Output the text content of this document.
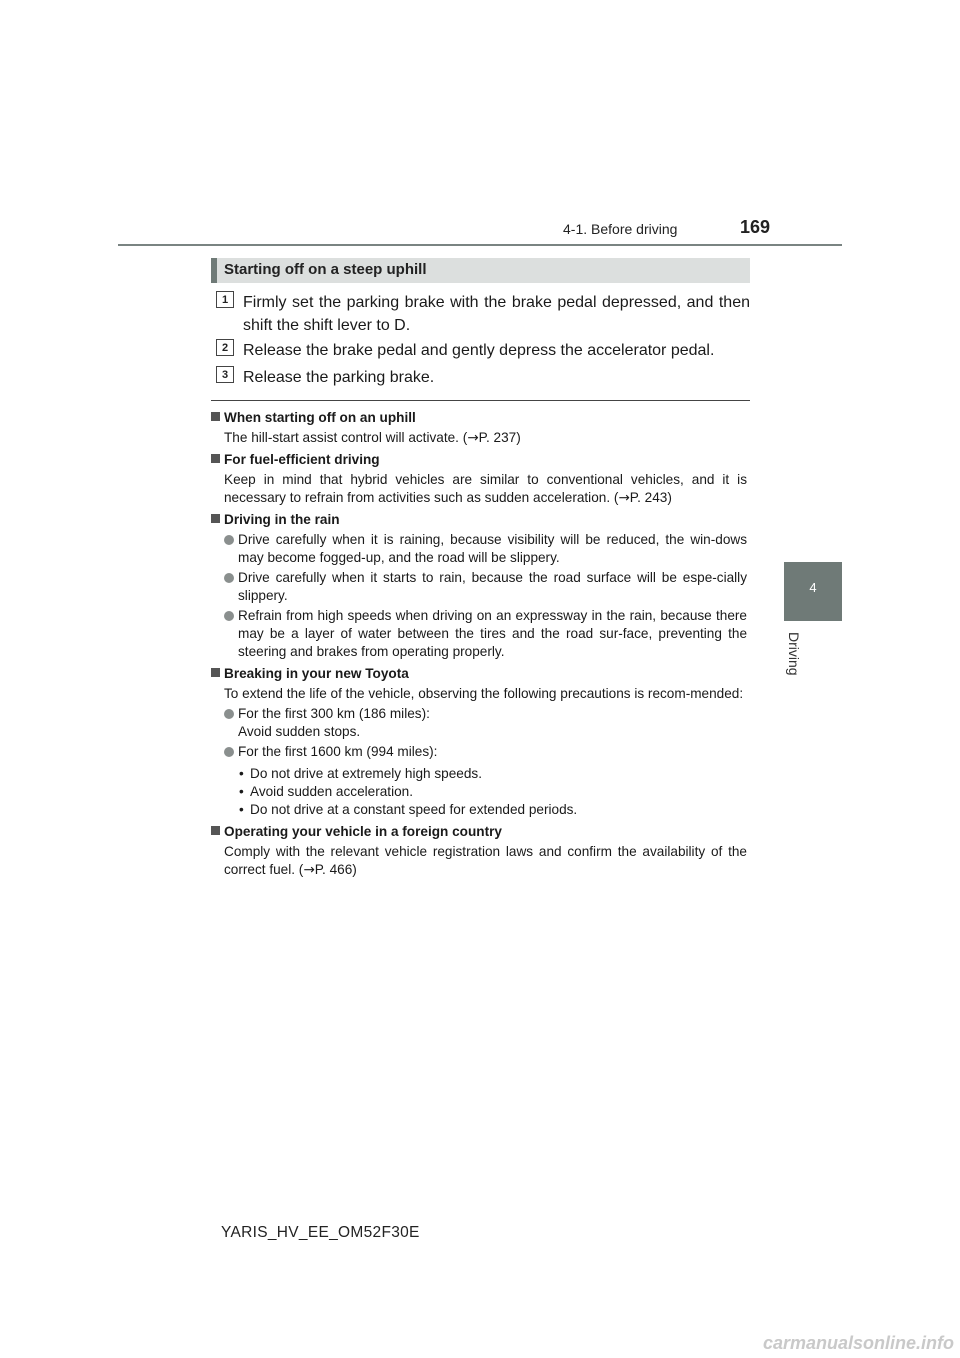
4-1. Before driving	169
4
Driving
Starting off on a steep uphill
1 Firmly set the parking brake with the brake pedal depressed, and then shift the shift lever to D.
2 Release the brake pedal and gently depress the accelerator pedal.
3 Release the parking brake.
When starting off on an uphill
The hill-start assist control will activate. (→P. 237)
For fuel-efficient driving
Keep in mind that hybrid vehicles are similar to conventional vehicles, and it is necessary to refrain from activities such as sudden acceleration. (→P. 243)
Driving in the rain
Drive carefully when it is raining, because visibility will be reduced, the win-dows may become fogged-up, and the road will be slippery.
Drive carefully when it starts to rain, because the road surface will be espe-cially slippery.
Refrain from high speeds when driving on an expressway in the rain, because there may be a layer of water between the tires and the road sur-face, preventing the steering and brakes from operating properly.
Breaking in your new Toyota
To extend the life of the vehicle, observing the following precautions is recom-mended:
For the first 300 km (186 miles):
Avoid sudden stops.
For the first 1600 km (994 miles):
• Do not drive at extremely high speeds.
• Avoid sudden acceleration.
• Do not drive at a constant speed for extended periods.
Operating your vehicle in a foreign country
Comply with the relevant vehicle registration laws and confirm the availability of the correct fuel. (→P. 466)
YARIS_HV_EE_OM52F30E
carmanualsonline.info
